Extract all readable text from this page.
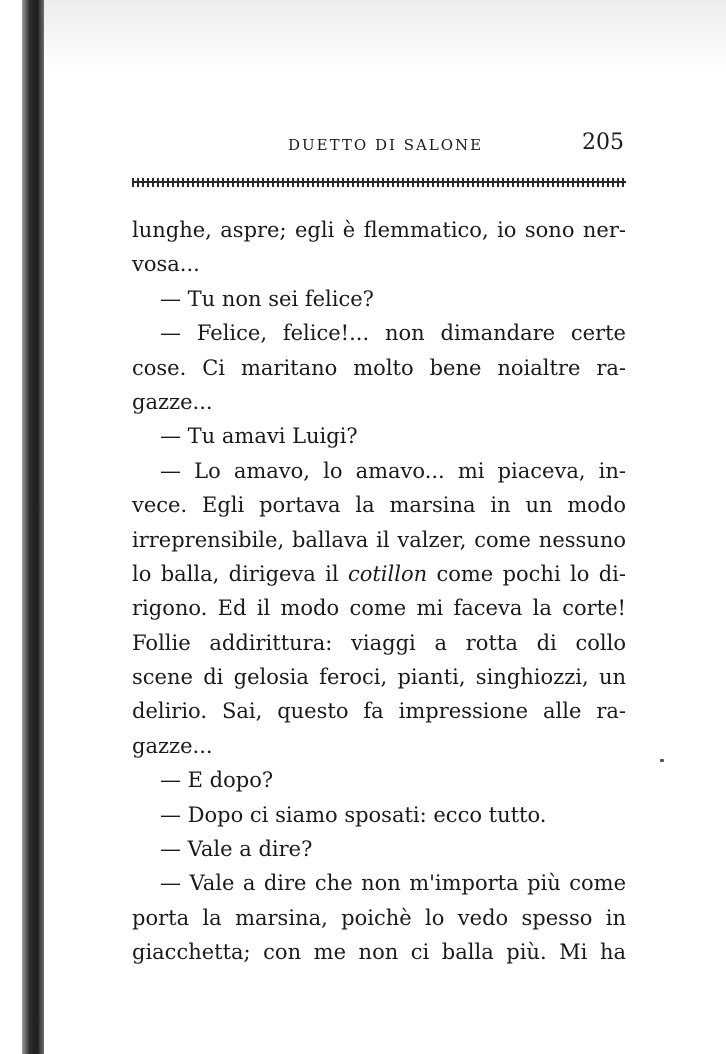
DUETTO DI SALONE	205
lunghe, aspre; egli è flemmatico, io sono ner-
vosa...
— Tu non sei felice?
— Felice, felice!... non dimandare certe
cose. Ci maritano molto bene noialtre ra-
gazze...
— Tu amavi Luigi?
— Lo amavo, lo amavo... mi piaceva, in-
vece. Egli portava la marsina in un modo
irreprensibile, ballava il valzer, come nessuno
lo balla, dirigeva il cotillon come pochi lo di-
rigono. Ed il modo come mi faceva la corte!
Follie addirittura: viaggi a rotta di collo
scene di gelosia feroci, pianti, singhiozzi, un
delirio. Sai, questo fa impressione alle ra-
gazze...
— E dopo?
— Dopo ci siamo sposati: ecco tutto.
— Vale a dire?
— Vale a dire che non m'importa più come
porta la marsina, poichè lo vedo spesso in
giacchetta; con me non ci balla più. Mi ha
